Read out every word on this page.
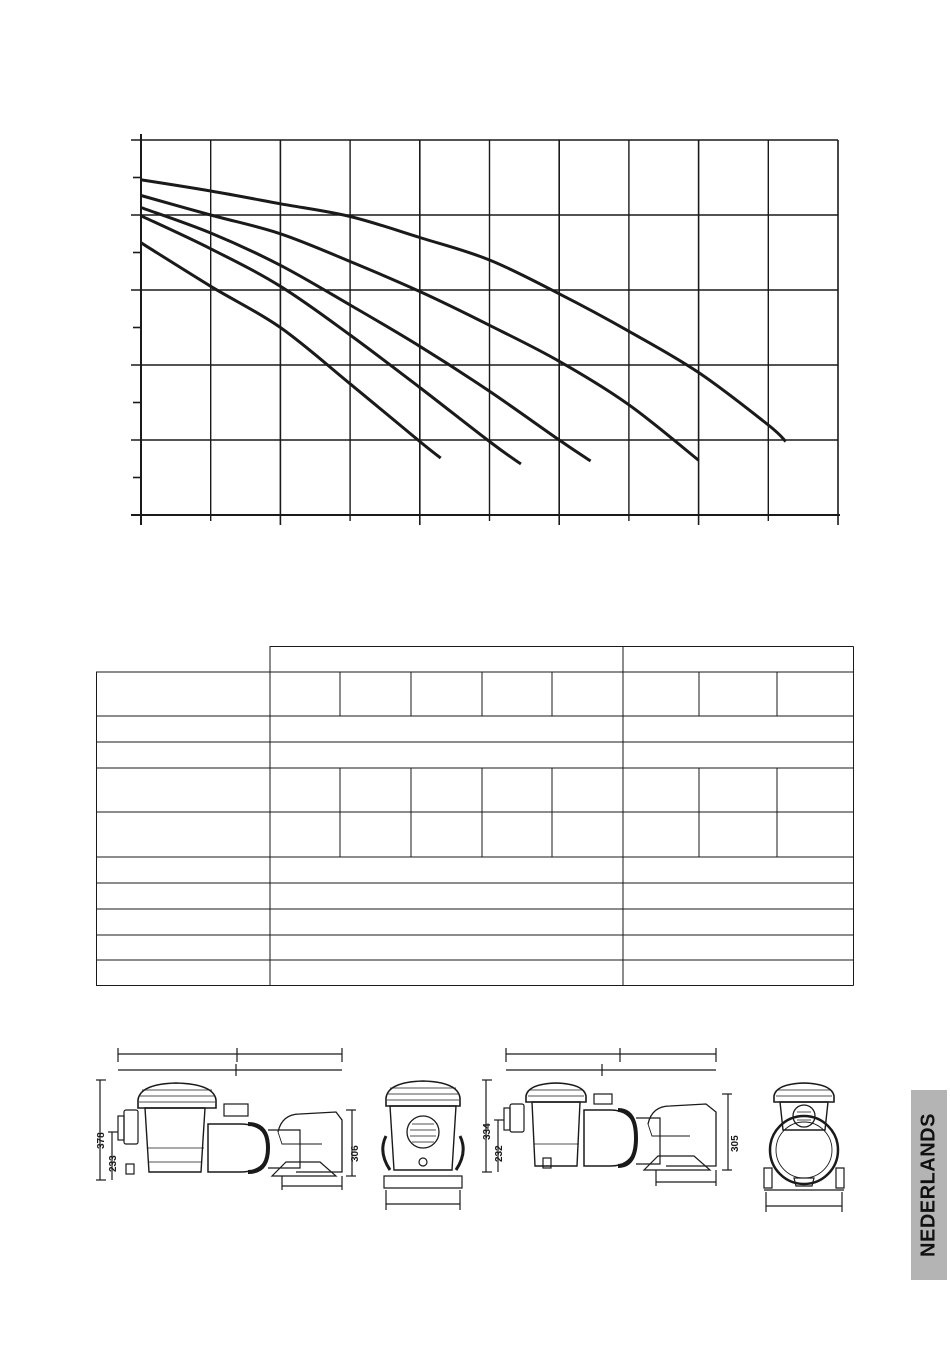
378
233
306
334
232
305	NEDERLANDS
